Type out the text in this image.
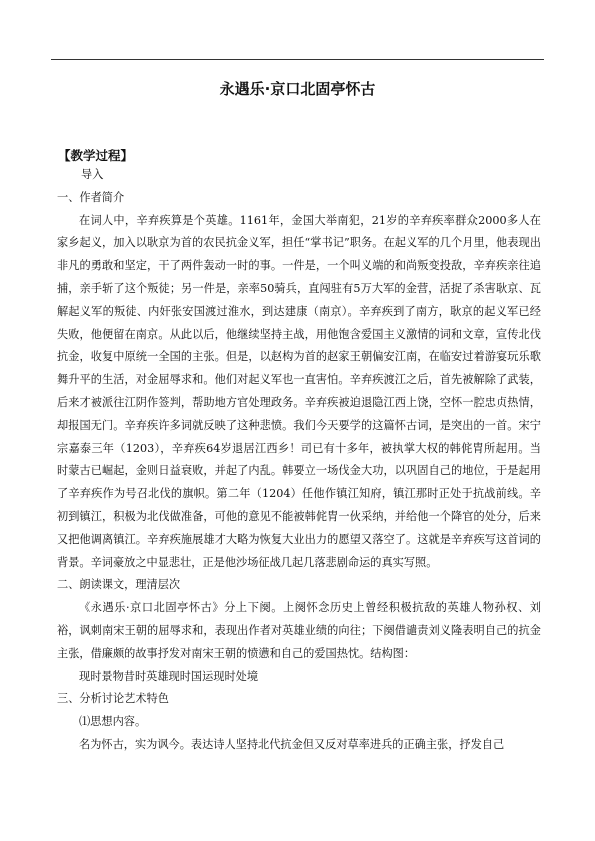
永遇乐·京口北固亭怀古
【教学过程】
导入
一、作者简介
在词人中，辛弃疾算是个英雄。1161年，金国大举南犯，21岁的辛弃疾率群众2000多人在家乡起义，加入以耿京为首的农民抗金义军，担任“掌书记”职务。在起义军的几个月里，他表现出非凡的勇敢和坚定，干了两件轰动一时的事。一件是，一个叫义端的和尚叛变投敌，辛弃疾亲往追捕，亲手斩了这个叛徒；另一件是，亲率50骑兵，直闯驻有5万大军的金营，活捉了杀害耿京、瓦解起义军的叛徒、内奸张安国渡过淮水，到达建康（南京）。辛弃疾到了南方，耿京的起义军已经失败，他便留在南京。从此以后，他继续坚持主战，用他饱含爱国主义激情的词和文章，宣传北伐抗金，收复中原统一全国的主张。但是，以赵构为首的赵家王朝偏安江南，在临安过着游宴玩乐歌舞升平的生活，对金屈辱求和。他们对起义军也一直害怕。辛弃疾渡江之后，首先被解除了武装，后来才被派往江阴作签判，帮助地方官处理政务。辛弃疾被迫退隐江西上饶，空怀一腔忠贞热情，却报国无门。辛弃疾许多词就反映了这种悲愤。我们今天要学的这篇怀古词，是突出的一首。宋宁宗嘉泰三年（1203），辛弃疾64岁退居江西乡！司已有十多年，被执掌大权的韩侂胄所起用。当时蒙古已崛起，金则日益衰败，并起了内乱。韩要立一场伐金大功，以巩固自己的地位，于是起用了辛弃疾作为号召北伐的旗帜。第二年（1204）任他作镇江知府，镇江那时正处于抗战前线。辛初到镇江，积极为北伐做准备，可他的意见不能被韩侂胄一伙采纳，并给他一个降官的处分，后来又把他调离镇江。辛弃疾施展雄才大略为恢复大业出力的愿望又落空了。这就是辛弃疾写这首词的背景。辛词豪放之中显悲壮，正是他沙场征战几起几落悲剧命运的真实写照。
二、朗读课文，理清层次
《永遇乐·京口北固亭怀古》分上下阕。上阕怀念历史上曾经积极抗敌的英雄人物孙权、刘裕，讽刺南宋王朝的屈辱求和，表现出作者对英雄业绩的向往；下阕借谴责刘义隆表明自己的抗金主张，借廉颇的故事抒发对南宋王朝的愤懑和自己的爱国热忱。结构图：
现时景物昔时英雄现时国运现时处境
三、分析讨论艺术特色
⑴思想内容。
名为怀古，实为讽今。表达诗人坚持北代抗金但又反对草率进兵的正确主张，抒发自己
